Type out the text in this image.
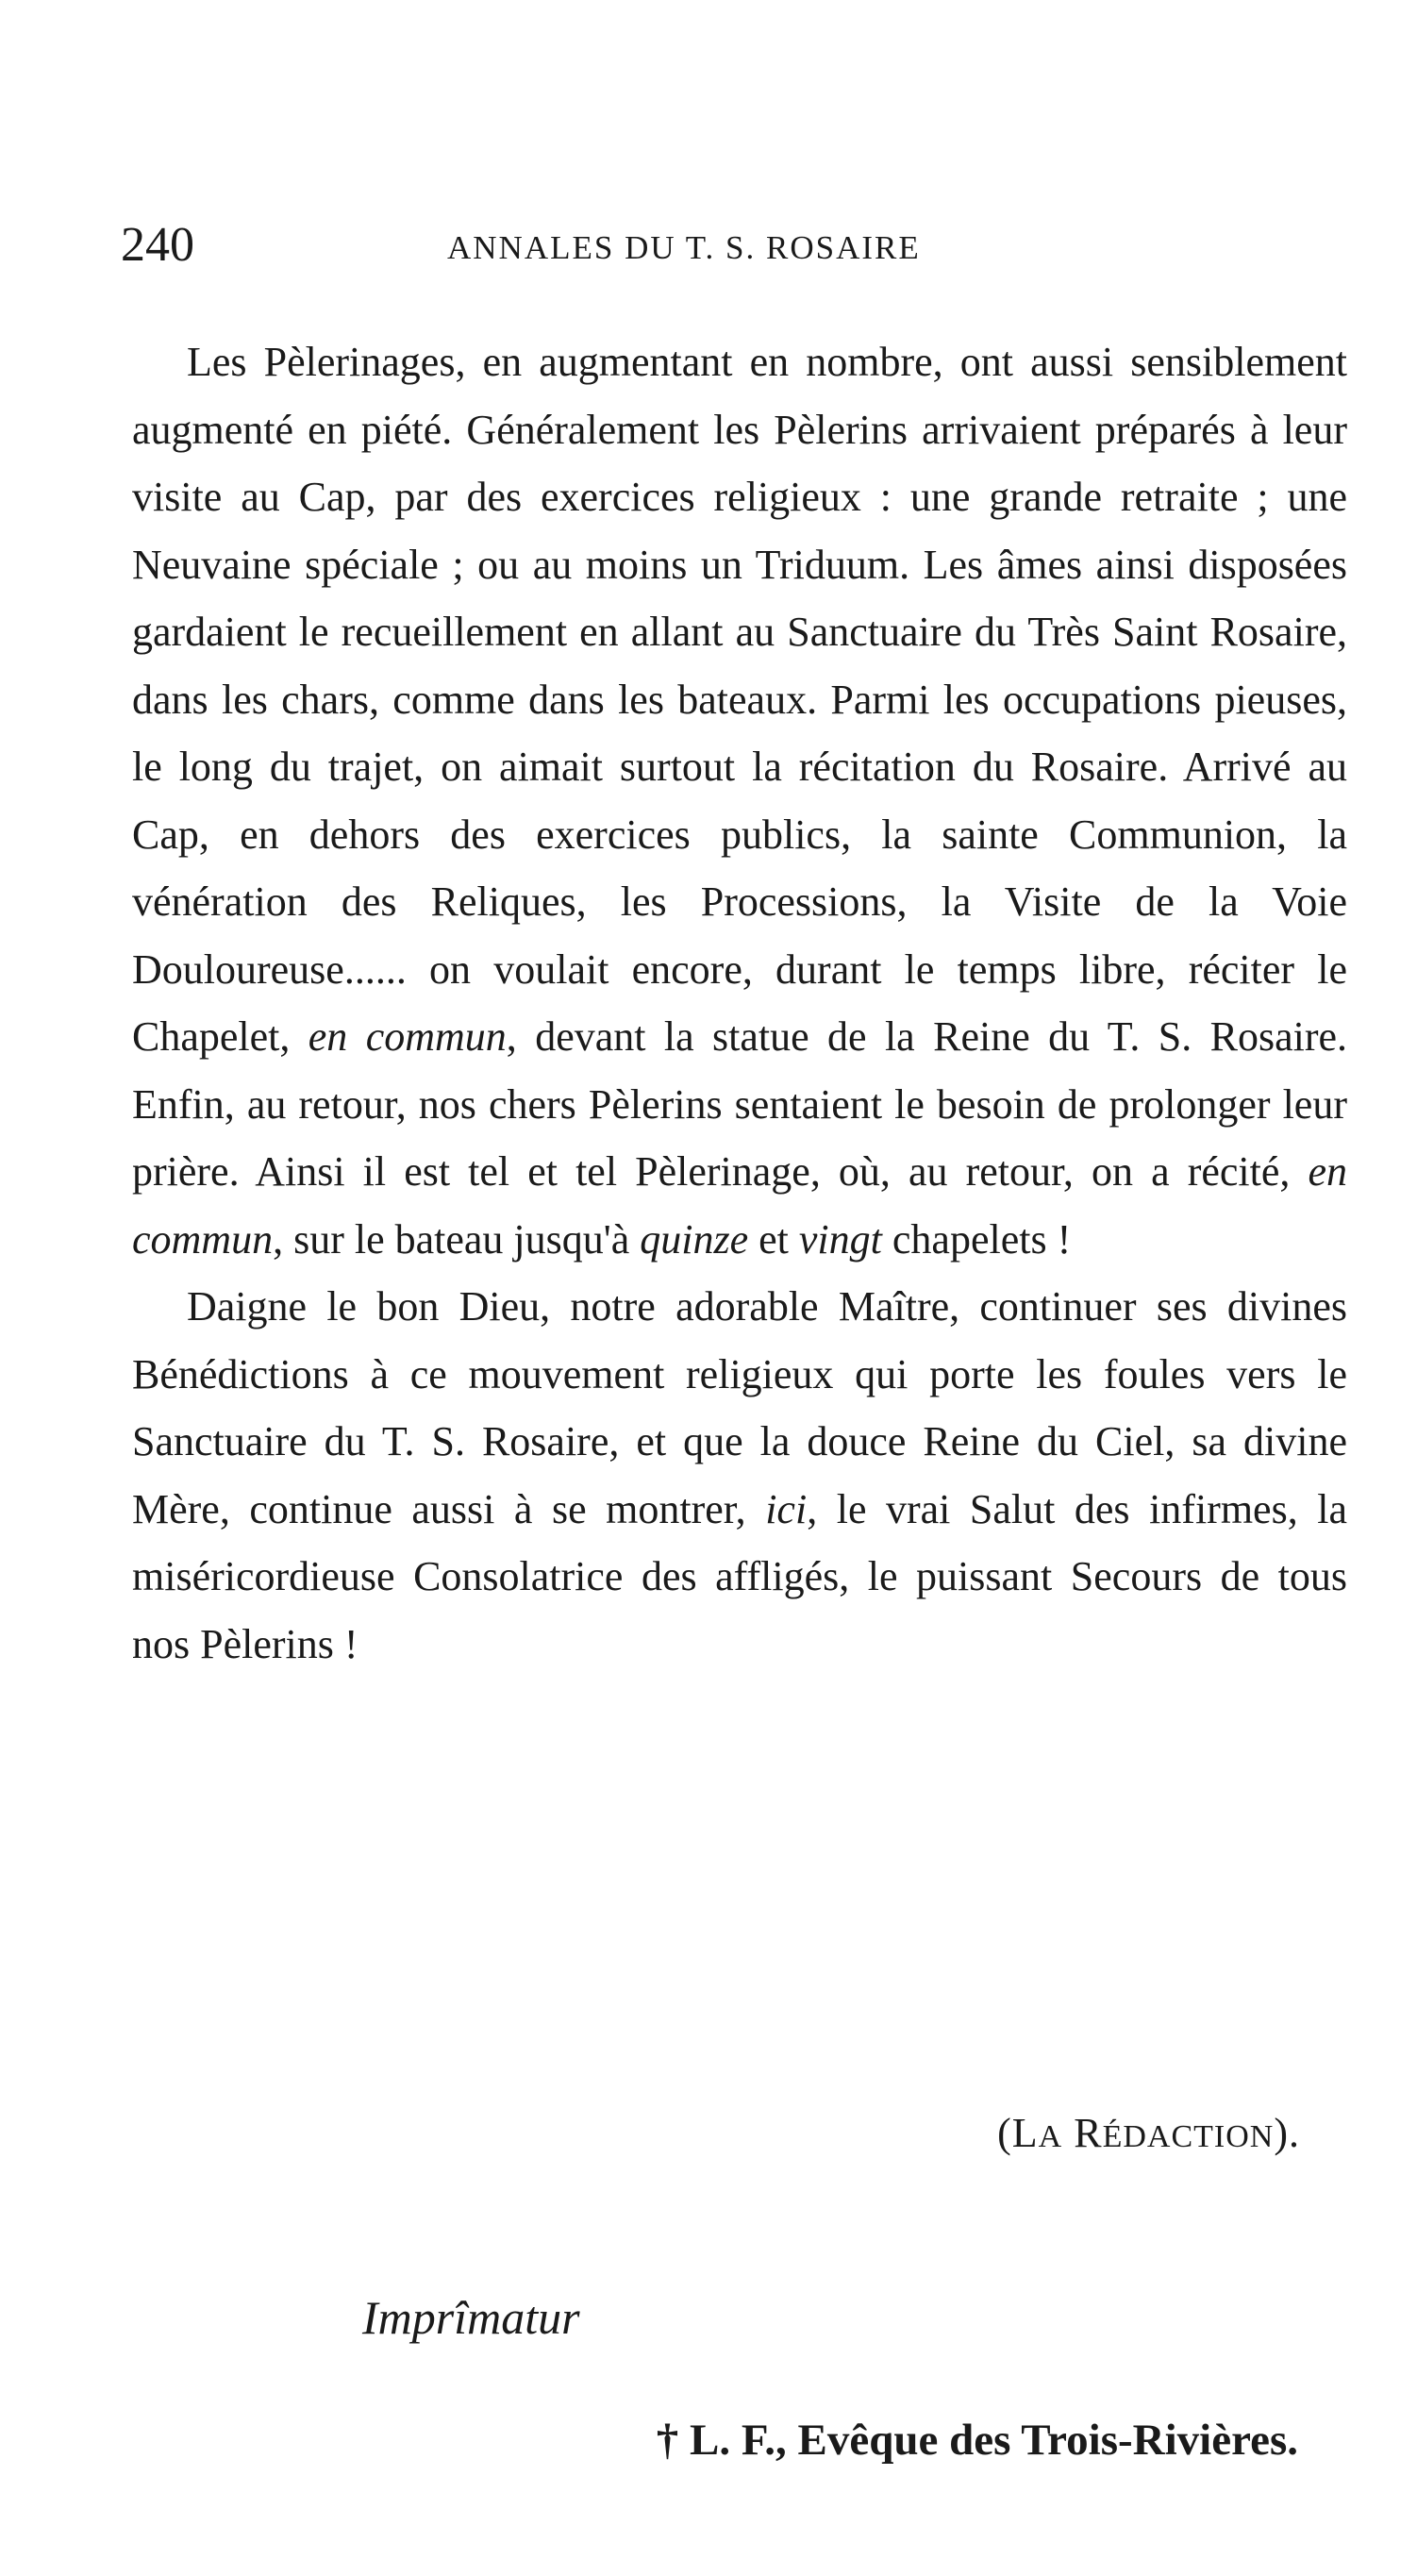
240	ANNALES DU T. S. ROSAIRE

Les Pèlerinages, en augmentant en nombre, ont aussi sensiblement augmenté en piété. Généralement les Pèlerins arrivaient préparés à leur visite au Cap, par des exercices religieux : une grande retraite ; une Neuvaine spéciale ; ou au moins un Triduum. Les âmes ainsi disposées gardaient le recueillement en allant au Sanctuaire du Très Saint Rosaire, dans les chars, comme dans les bateaux. Parmi les occupations pieuses, le long du trajet, on aimait surtout la récitation du Rosaire. Arrivé au Cap, en dehors des exercices publics, la sainte Communion, la vénération des Reliques, les Processions, la Visite de la Voie Douloureuse...... on voulait encore, durant le temps libre, réciter le Chapelet, en commun, devant la statue de la Reine du T. S. Rosaire. Enfin, au retour, nos chers Pèlerins sentaient le besoin de prolonger leur prière. Ainsi il est tel et tel Pèlerinage, où, au retour, on a récité, en commun, sur le bateau jusqu'à quinze et vingt chapelets !

Daigne le bon Dieu, notre adorable Maître, continuer ses divines Bénédictions à ce mouvement religieux qui porte les foules vers le Sanctuaire du T. S. Rosaire, et que la douce Reine du Ciel, sa divine Mère, continue aussi à se montrer, ici, le vrai Salut des infirmes, la miséricordieuse Consolatrice des affligés, le puissant Secours de tous nos Pèlerins !

(LA RÉDACTION).
Imprîmatur
† L. F., Evêque des Trois-Rivières.
